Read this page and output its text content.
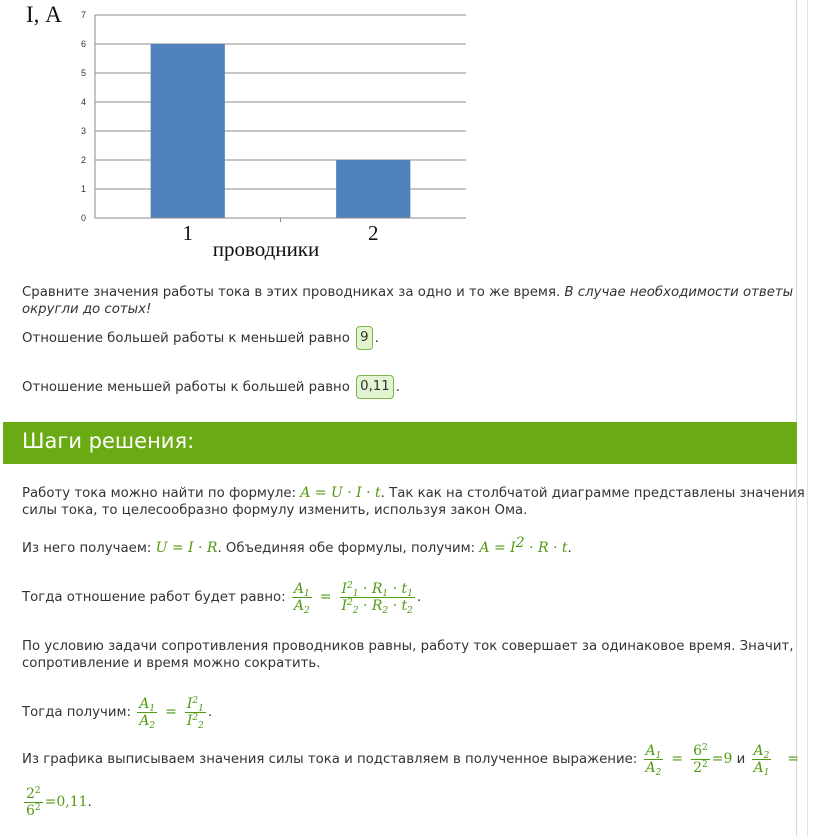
I, А
0
1
2
3
4
5
6
7
1	2
проводники
Сравните значения работы тока в этих проводниках за одно и то же время. В случае необходимости ответы
округли до сотых!
Отношение большей работы к меньшей равно 9 .
Отношение меньшей работы к большей равно 0,11 .
Шаги решения:
Работу тока можно найти по формуле: A = U · I · t. Так как на столбчатой диаграмме представлены значения
силы тока, то целесообразно формулу изменить, используя закон Ома.
Из него получаем: U = I · R. Объединяя обе формулы, получим: $A = I^2 \cdot R \cdot t$.
Тогда отношение работ будет равно:
$\frac{A_1}{A_2} = \frac{I^2_1 \cdot R_1 \cdot t_1}{I^2_2 \cdot R_2 \cdot t_2}$ .
По условию задачи сопротивления проводников равны, работу ток совершает за одинаковое время. Значит,
сопротивление и время можно сократить.
Тогда получим:
$\frac{A_1}{A_2} = \frac{I^2_1}{I^2_2}$ .
Из графика выписываем значения силы тока и подставляем в полученное выражение:
$\frac{A_1}{A_2} = \frac{6^2}{2^2} =9$
и
$\frac{A_2}{A_1}$ =
$\frac{2^2}{6^2} =0,11$ .
